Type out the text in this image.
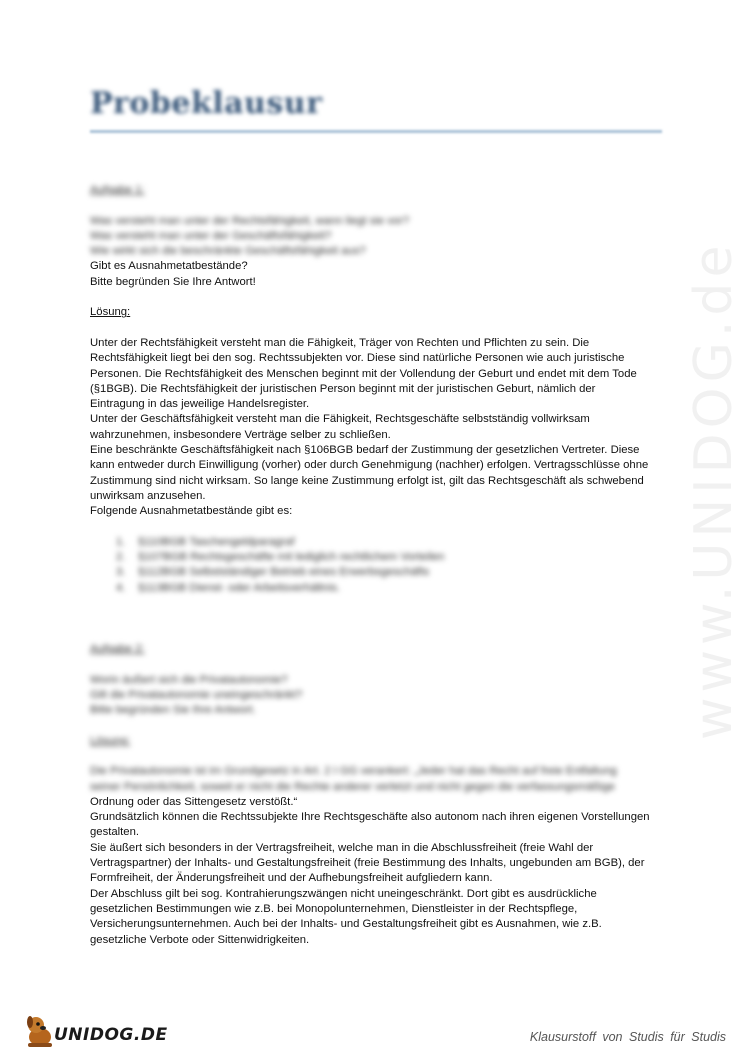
Probeklausur
www.UNIDOG.de
Aufgabe 1:
Was versteht man unter der Rechtsfähigkeit, wann liegt sie vor?
Was versteht man unter der Geschäftsfähigkeit?
Wie wirkt sich die beschränkte Geschäftsfähigkeit aus?
Gibt es Ausnahmetatbestände?
Bitte begründen Sie Ihre Antwort!
Lösung:
Unter der Rechtsfähigkeit versteht man die Fähigkeit, Träger von Rechten und Pflichten zu sein. Die
Rechtsfähigkeit liegt bei den sog. Rechtssubjekten vor. Diese sind natürliche Personen wie auch juristische
Personen. Die Rechtsfähigkeit des Menschen beginnt mit der Vollendung der Geburt und endet mit dem Tode
(§1BGB). Die Rechtsfähigkeit der juristischen Person beginnt mit der juristischen Geburt, nämlich der
Eintragung in das jeweilige Handelsregister.
Unter der Geschäftsfähigkeit versteht man die Fähigkeit, Rechtsgeschäfte selbstständig vollwirksam
wahrzunehmen, insbesondere Verträge selber zu schließen.
Eine beschränkte Geschäftsfähigkeit nach §106BGB bedarf der Zustimmung der gesetzlichen Vertreter. Diese
kann entweder durch Einwilligung (vorher) oder durch Genehmigung (nachher) erfolgen. Vertragsschlüsse ohne
Zustimmung sind nicht wirksam. So lange keine Zustimmung erfolgt ist, gilt das Rechtsgeschäft als schwebend
unwirksam anzusehen.
Folgende Ausnahmetatbestände gibt es:
1. §110BGB Taschengeldparagraf
2. §107BGB Rechtsgeschäfte mit lediglich rechtlichem Vorteilen
3. §112BGB Selbstständiger Betrieb eines Erwerbsgeschäfts
4. §113BGB Dienst- oder Arbeitsverhältnis.
Aufgabe 2:
Worin äußert sich die Privatautonomie?
Gilt die Privatautonomie uneingeschränkt?
Bitte begründen Sie Ihre Antwort.
Lösung:
Die Privatautonomie ist im Grundgesetz in Art. 2 I GG verankert: „Jeder hat das Recht auf freie Entfaltung
seiner Persönlichkeit, soweit er nicht die Rechte anderer verletzt und nicht gegen die verfassungsmäßige
Ordnung oder das Sittengesetz verstößt.“
Grundsätzlich können die Rechtssubjekte Ihre Rechtsgeschäfte also autonom nach ihren eigenen Vorstellungen
gestalten.
Sie äußert sich besonders in der Vertragsfreiheit, welche man in die Abschlussfreiheit (freie Wahl der
Vertragspartner) der Inhalts- und Gestaltungsfreiheit (freie Bestimmung des Inhalts, ungebunden am BGB), der
Formfreiheit, der Änderungsfreiheit und der Aufhebungsfreiheit aufgliedern kann.
Der Abschluss gilt bei sog. Kontrahierungszwängen nicht uneingeschränkt. Dort gibt es ausdrückliche
gesetzlichen Bestimmungen wie z.B. bei Monopolunternehmen, Dienstleister in der Rechtspflege,
Versicherungsunternehmen. Auch bei der Inhalts- und Gestaltungsfreiheit gibt es Ausnahmen, wie z.B.
gesetzliche Verbote oder Sittenwidrigkeiten.
UNIDOG.DE	Klausurstoff von Studis für Studis
